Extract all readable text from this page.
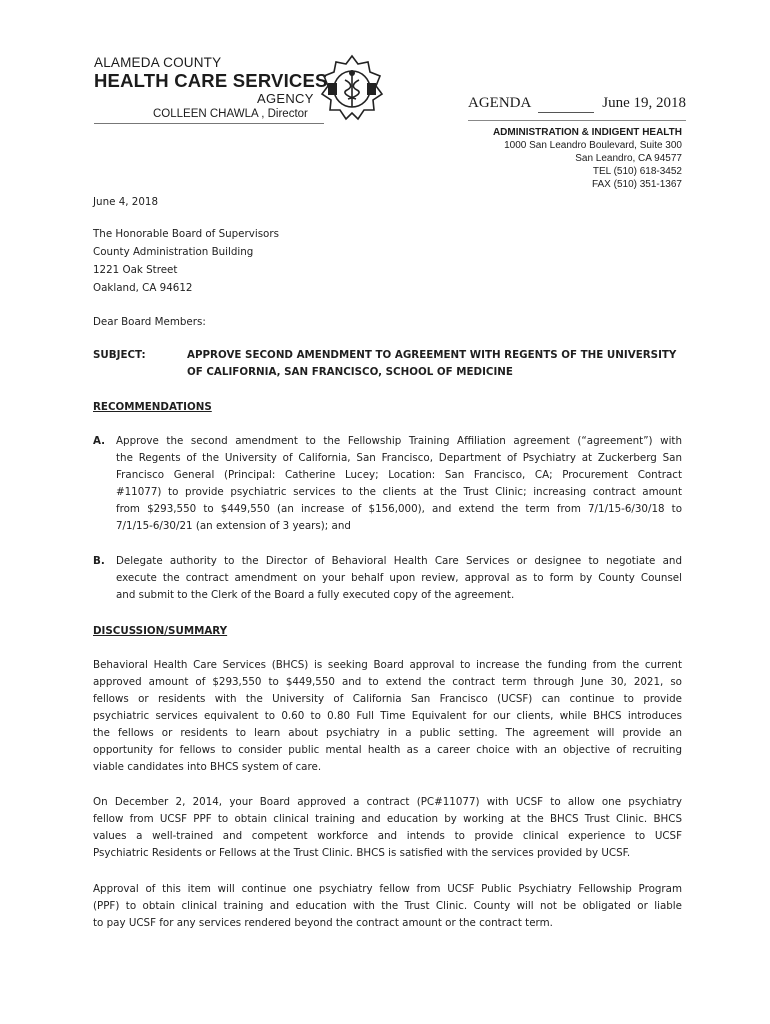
ALAMEDA COUNTY
HEALTH CARE SERVICES
AGENCY
COLLEEN CHAWLA , Director
AGENDA	June 19, 2018
ADMINISTRATION & INDIGENT HEALTH
1000 San Leandro Boulevard, Suite 300
San Leandro, CA 94577
TEL (510) 618-3452
FAX (510) 351-1367
June 4, 2018
The Honorable Board of Supervisors
County Administration Building
1221 Oak Street
Oakland, CA 94612
Dear Board Members:
SUBJECT:	APPROVE SECOND AMENDMENT TO AGREEMENT WITH REGENTS OF THE UNIVERSITY
OF CALIFORNIA, SAN FRANCISCO, SCHOOL OF MEDICINE
RECOMMENDATIONS
A. Approve the second amendment to the Fellowship Training Affiliation agreement (“agreement”) with
the Regents of the University of California, San Francisco, Department of Psychiatry at Zuckerberg San
Francisco General (Principal: Catherine Lucey; Location: San Francisco, CA; Procurement Contract
#11077) to provide psychiatric services to the clients at the Trust Clinic; increasing contract amount
from $293,550 to $449,550 (an increase of $156,000), and extend the term from 7/1/15-6/30/18 to
7/1/15-6/30/21 (an extension of 3 years); and
B. Delegate authority to the Director of Behavioral Health Care Services or designee to negotiate and
execute the contract amendment on your behalf upon review, approval as to form by County Counsel
and submit to the Clerk of the Board a fully executed copy of the agreement.
DISCUSSION/SUMMARY
Behavioral Health Care Services (BHCS) is seeking Board approval to increase the funding from the current
approved amount of $293,550 to $449,550 and to extend the contract term through June 30, 2021, so
fellows or residents with the University of California San Francisco (UCSF) can continue to provide
psychiatric services equivalent to 0.60 to 0.80 Full Time Equivalent for our clients, while BHCS introduces
the fellows or residents to learn about psychiatry in a public setting. The agreement will provide an
opportunity for fellows to consider public mental health as a career choice with an objective of recruiting
viable candidates into BHCS system of care.
On December 2, 2014, your Board approved a contract (PC#11077) with UCSF to allow one psychiatry
fellow from UCSF PPF to obtain clinical training and education by working at the BHCS Trust Clinic. BHCS
values a well-trained and competent workforce and intends to provide clinical experience to UCSF
Psychiatric Residents or Fellows at the Trust Clinic. BHCS is satisfied with the services provided by UCSF.
Approval of this item will continue one psychiatry fellow from UCSF Public Psychiatry Fellowship Program
(PPF) to obtain clinical training and education with the Trust Clinic. County will not be obligated or liable
to pay UCSF for any services rendered beyond the contract amount or the contract term.
